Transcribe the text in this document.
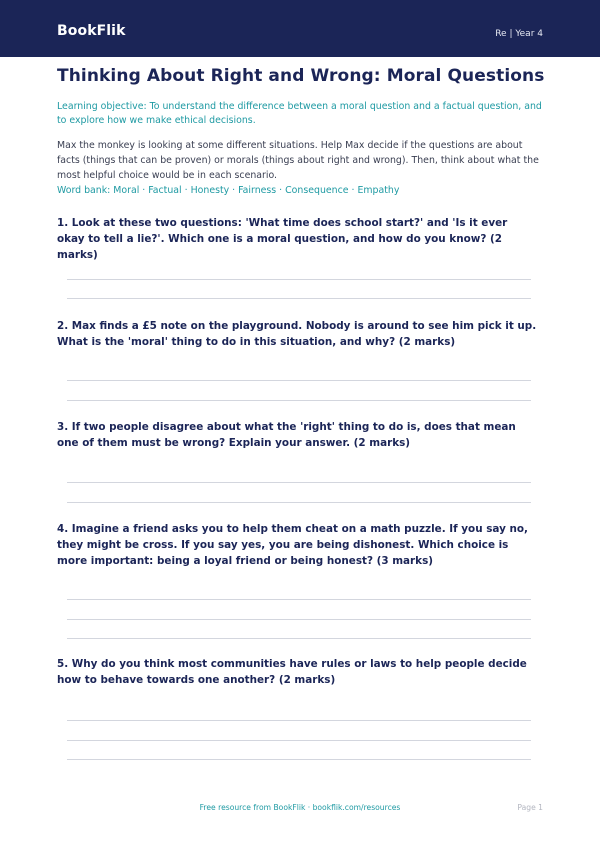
BookFlik	Re | Year 4
Thinking About Right and Wrong: Moral Questions
Learning objective: To understand the difference between a moral question and a factual question, and to explore how we make ethical decisions.
Max the monkey is looking at some different situations. Help Max decide if the questions are about facts (things that can be proven) or morals (things about right and wrong). Then, think about what the most helpful choice would be in each scenario.
Word bank: Moral · Factual · Honesty · Fairness · Consequence · Empathy
1. Look at these two questions: 'What time does school start?' and 'Is it ever okay to tell a lie?'. Which one is a moral question, and how do you know? (2 marks)
2. Max finds a £5 note on the playground. Nobody is around to see him pick it up. What is the 'moral' thing to do in this situation, and why? (2 marks)
3. If two people disagree about what the 'right' thing to do is, does that mean one of them must be wrong? Explain your answer. (2 marks)
4. Imagine a friend asks you to help them cheat on a math puzzle. If you say no, they might be cross. If you say yes, you are being dishonest. Which choice is more important: being a loyal friend or being honest? (3 marks)
5. Why do you think most communities have rules or laws to help people decide how to behave towards one another? (2 marks)
Free resource from BookFlik · bookflik.com/resources	Page 1
